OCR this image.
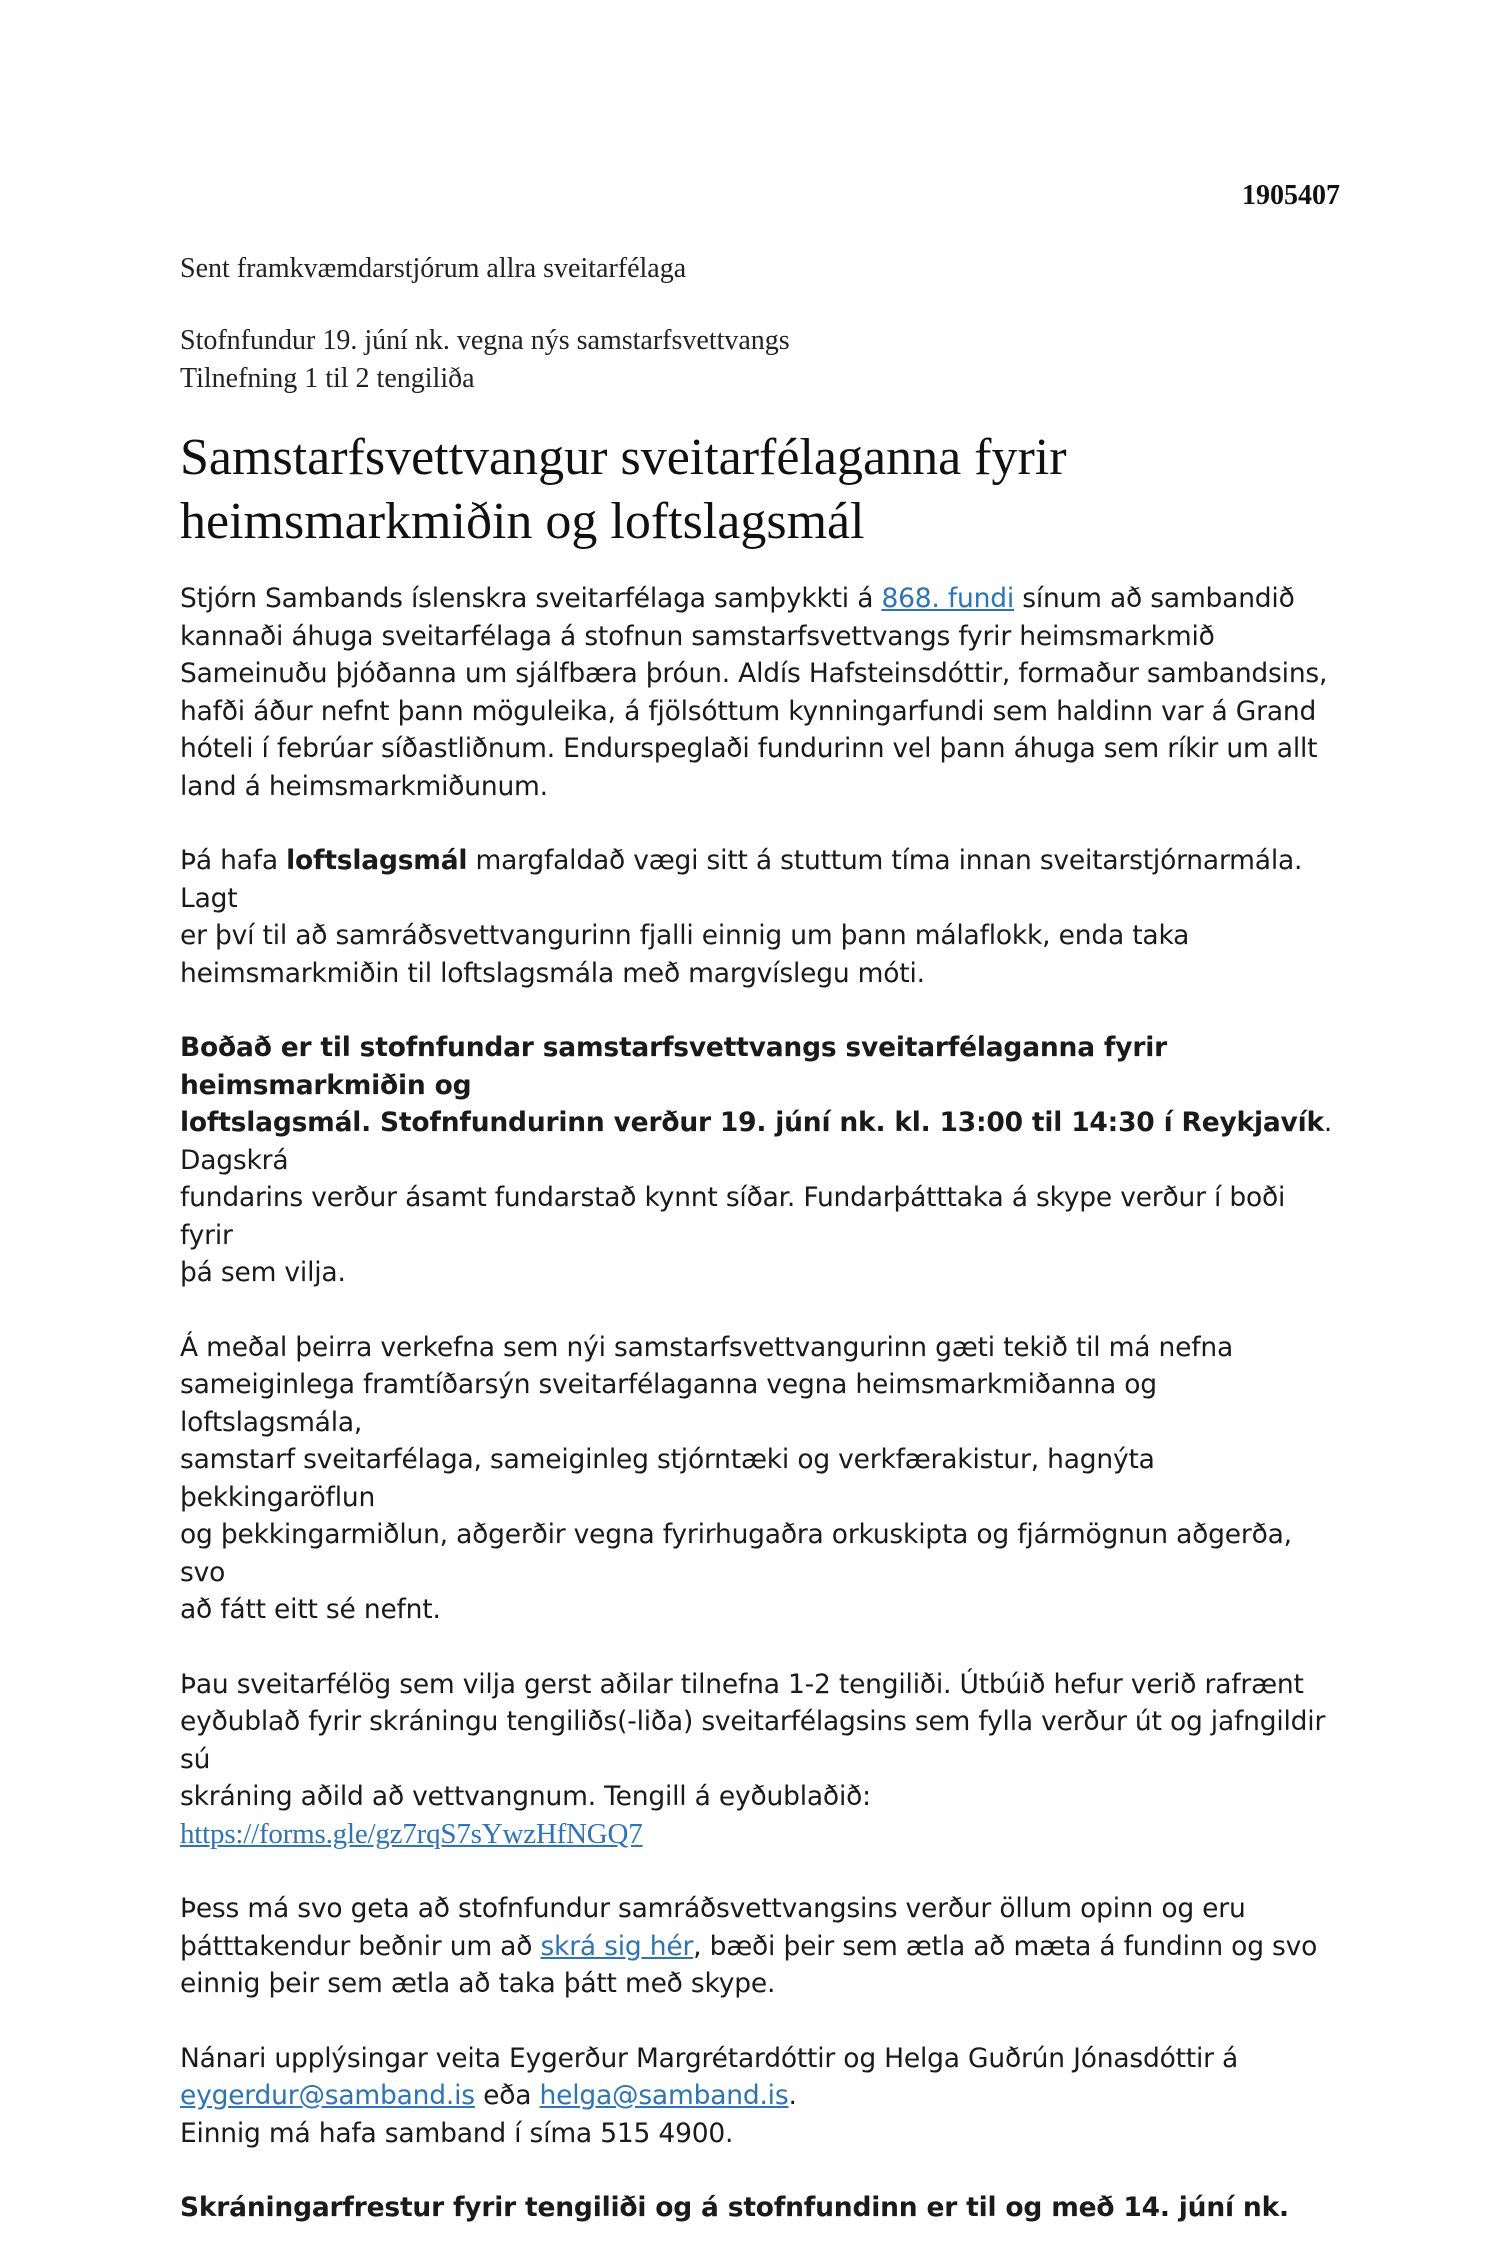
1905407
Sent framkvæmdarstjórum allra sveitarfélaga
Stofnfundur 19. júní nk. vegna nýs samstarfsvettvangs
Tilnefning 1 til 2 tengiliða
Samstarfsvettvangur sveitarfélaganna fyrir
heimsmarkmiðin og loftslagsmál

Stjórn Sambands íslenskra sveitarfélaga samþykkti á 868. fundi sínum að sambandið
kannaði áhuga sveitarfélaga á stofnun samstarfsvettvangs fyrir heimsmarkmið
Sameinuðu þjóðanna um sjálfbæra þróun. Aldís Hafsteinsdóttir, formaður sambandsins,
hafði áður nefnt þann möguleika, á fjölsóttum kynningarfundi sem haldinn var á Grand
hóteli í febrúar síðastliðnum. Endurspeglaði fundurinn vel þann áhuga sem ríkir um allt
land á heimsmarkmiðunum.

Þá hafa loftslagsmál margfaldað vægi sitt á stuttum tíma innan sveitarstjórnarmála. Lagt
er því til að samráðsvettvangurinn fjalli einnig um þann málaflokk, enda taka
heimsmarkmiðin til loftslagsmála með margvíslegu móti.

Boðað er til stofnfundar samstarfsvettvangs sveitarfélaganna fyrir heimsmarkmiðin og
loftslagsmál. Stofnfundurinn verður 19. júní nk. kl. 13:00 til 14:30 í Reykjavík. Dagskrá
fundarins verður ásamt fundarstað kynnt síðar. Fundarþátttaka á skype verður í boði fyrir
þá sem vilja.

Á meðal þeirra verkefna sem nýi samstarfsvettvangurinn gæti tekið til má nefna
sameiginlega framtíðarsýn sveitarfélaganna vegna heimsmarkmiðanna og loftslagsmála,
samstarf sveitarfélaga, sameiginleg stjórntæki og verkfærakistur, hagnýta þekkingaröflun
og þekkingarmiðlun, aðgerðir vegna fyrirhugaðra orkuskipta og fjármögnun aðgerða, svo
að fátt eitt sé nefnt.

Þau sveitarfélög sem vilja gerst aðilar tilnefna 1-2 tengiliði. Útbúið hefur verið rafrænt
eyðublað fyrir skráningu tengiliðs(-liða) sveitarfélagsins sem fylla verður út og jafngildir sú
skráning aðild að vettvangnum. Tengill á eyðublaðið:
https://forms.gle/gz7rqS7sYwzHfNGQ7

Þess má svo geta að stofnfundur samráðsvettvangsins verður öllum opinn og eru
þátttakendur beðnir um að skrá sig hér, bæði þeir sem ætla að mæta á fundinn og svo
einnig þeir sem ætla að taka þátt með skype.

Nánari upplýsingar veita Eygerður Margrétardóttir og Helga Guðrún Jónasdóttir á
eygerdur@samband.is eða helga@samband.is.
Einnig má hafa samband í síma 515 4900.

Skráningarfrestur fyrir tengiliði og á stofnfundinn er til og með 14. júní nk.
